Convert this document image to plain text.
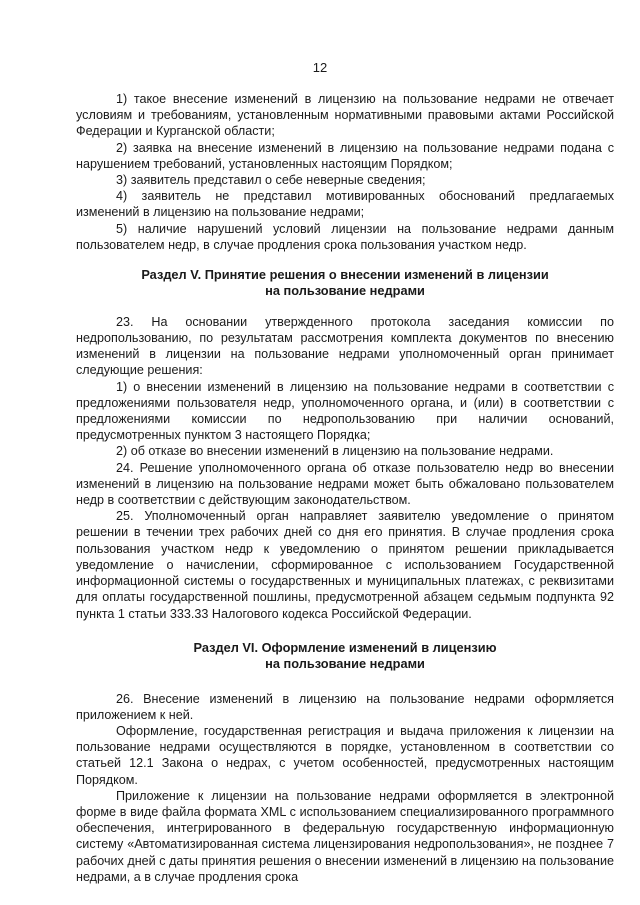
12

1) такое внесение изменений в лицензию на пользование недрами не отвечает условиям и требованиям, установленным нормативными правовыми актами Российской Федерации и Курганской области;

2) заявка на внесение изменений в лицензию на пользование недрами подана с нарушением требований, установленных настоящим Порядком;

3) заявитель представил о себе неверные сведения;

4) заявитель не представил мотивированных обоснований предлагаемых изменений в лицензию на пользование недрами;

5) наличие нарушений условий лицензии на пользование недрами данным пользователем недр, в случае продления срока пользования участком недр.

Раздел V. Принятие решения о внесении изменений в лицензии
на пользование недрами

23. На основании утвержденного протокола заседания комиссии по недропользованию, по результатам рассмотрения комплекта документов по внесению изменений в лицензии на пользование недрами уполномоченный орган принимает следующие решения:

1) о внесении изменений в лицензию на пользование недрами в соответствии с предложениями пользователя недр, уполномоченного органа, и (или) в соответствии с предложениями комиссии по недропользованию при наличии оснований, предусмотренных пунктом 3 настоящего Порядка;

2) об отказе во внесении изменений в лицензию на пользование недрами.

24. Решение уполномоченного органа об отказе пользователю недр во внесении изменений в лицензию на пользование недрами может быть обжаловано пользователем недр в соответствии с действующим законодательством.

25. Уполномоченный орган направляет заявителю уведомление о принятом решении в течении трех рабочих дней со дня его принятия. В случае продления срока пользования участком недр к уведомлению о принятом решении прикладывается уведомление о начислении, сформированное с использованием Государственной информационной системы о государственных и муниципальных платежах, с реквизитами для оплаты государственной пошлины, предусмотренной абзацем седьмым подпункта 92 пункта 1 статьи 333.33 Налогового кодекса Российской Федерации.

Раздел VI. Оформление изменений в лицензию
на пользование недрами

26. Внесение изменений в лицензию на пользование недрами оформляется приложением к ней.

Оформление, государственная регистрация и выдача приложения к лицензии на пользование недрами осуществляются в порядке, установленном в соответствии со статьей 12.1 Закона о недрах, с учетом особенностей, предусмотренных настоящим Порядком.

Приложение к лицензии на пользование недрами оформляется в электронной форме в виде файла формата XML с использованием специализированного программного обеспечения, интегрированного в федеральную государственную информационную систему «Автоматизированная система лицензирования недропользования», не позднее 7 рабочих дней с даты принятия решения о внесении изменений в лицензию на пользование недрами, а в случае продления срока
